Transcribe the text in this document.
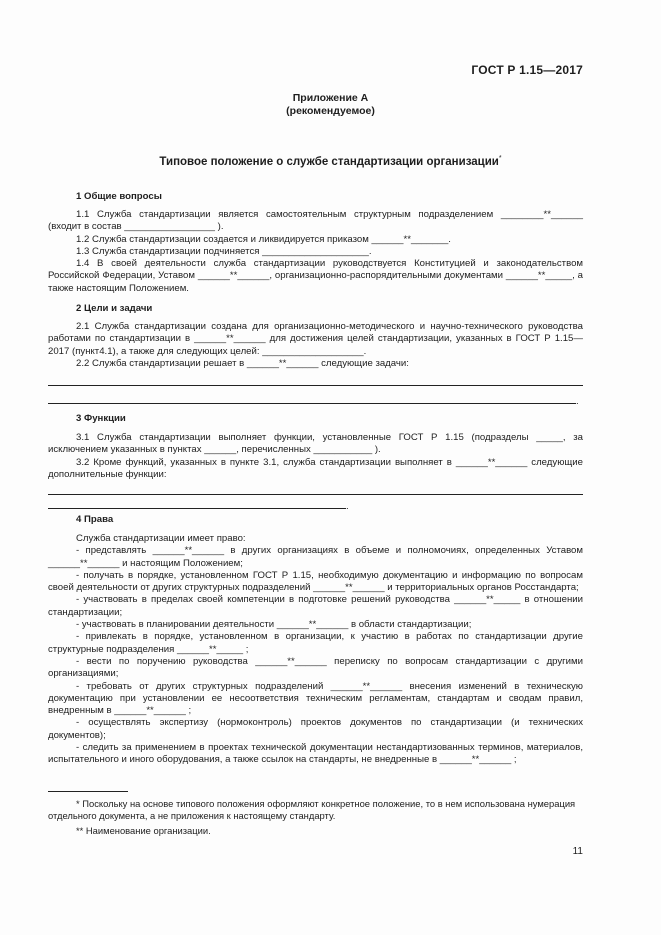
ГОСТ Р 1.15—2017
Приложение А
(рекомендуемое)
Типовое положение о службе стандартизации организации*

1 Общие вопросы

1.1 Служба стандартизации является самостоятельным структурным подразделением ________**______ (входит в состав _________________ ).

1.2 Служба стандартизации создается и ликвидируется приказом ______**_______.

1.3 Служба стандартизации подчиняется ____________________.

1.4 В своей деятельности служба стандартизации руководствуется Конституцией и законодательством Российской Федерации, Уставом ______**______, организационно-распорядительными документами ______**_____, а также настоящим Положением.

2 Цели и задачи

2.1 Служба стандартизации создана для организационно-методического и научно-технического руководства работами по стандартизации в ______**______ для достижения целей стандартизации, указанных в ГОСТ Р 1.15—2017 (пункт4.1), а также для следующих целей: ___________________.

2.2 Служба стандартизации решает в ______**______ следующие задачи:

.

3 Функции

3.1 Служба стандартизации выполняет функции, установленные ГОСТ Р 1.15 (подразделы _____, за исключением указанных в пунктах ______, перечисленных ___________ ).

3.2 Кроме функций, указанных в пункте 3.1, служба стандартизации выполняет в ______**______ следующие дополнительные функции:

.

4 Права

Служба стандартизации имеет право:

- представлять ______**______ в других организациях в объеме и полномочиях, определенных Уставом ______**______ и настоящим Положением;

- получать в порядке, установленном ГОСТ Р 1.15, необходимую документацию и информацию по вопросам своей деятельности от других структурных подразделений ______**______ и территориальных органов Росстандарта;

- участвовать в пределах своей компетенции в подготовке решений руководства ______**_____ в отношении стандартизации;

- участвовать в планировании деятельности ______**______ в области стандартизации;

- привлекать в порядке, установленном в организации, к участию в работах по стандартизации другие структурные подразделения ______**_____ ;

- вести по поручению руководства ______**______ переписку по вопросам стандартизации с другими организациями;

- требовать от других структурных подразделений ______**______ внесения изменений в техническую документацию при установлении ее несоответствия техническим регламентам, стандартам и сводам правил, внедренным в ______**______ ;

- осуществлять экспертизу (нормоконтроль) проектов документов по стандартизации (и технических документов);

- следить за применением в проектах технической документации нестандартизованных терминов, материалов, испытательного и иного оборудования, а также ссылок на стандарты, не внедренные в ______**______ ;

* Поскольку на основе типового положения оформляют конкретное положение, то в нем использована нумерация отдельного документа, а не приложения к настоящему стандарту.

** Наименование организации.

11
